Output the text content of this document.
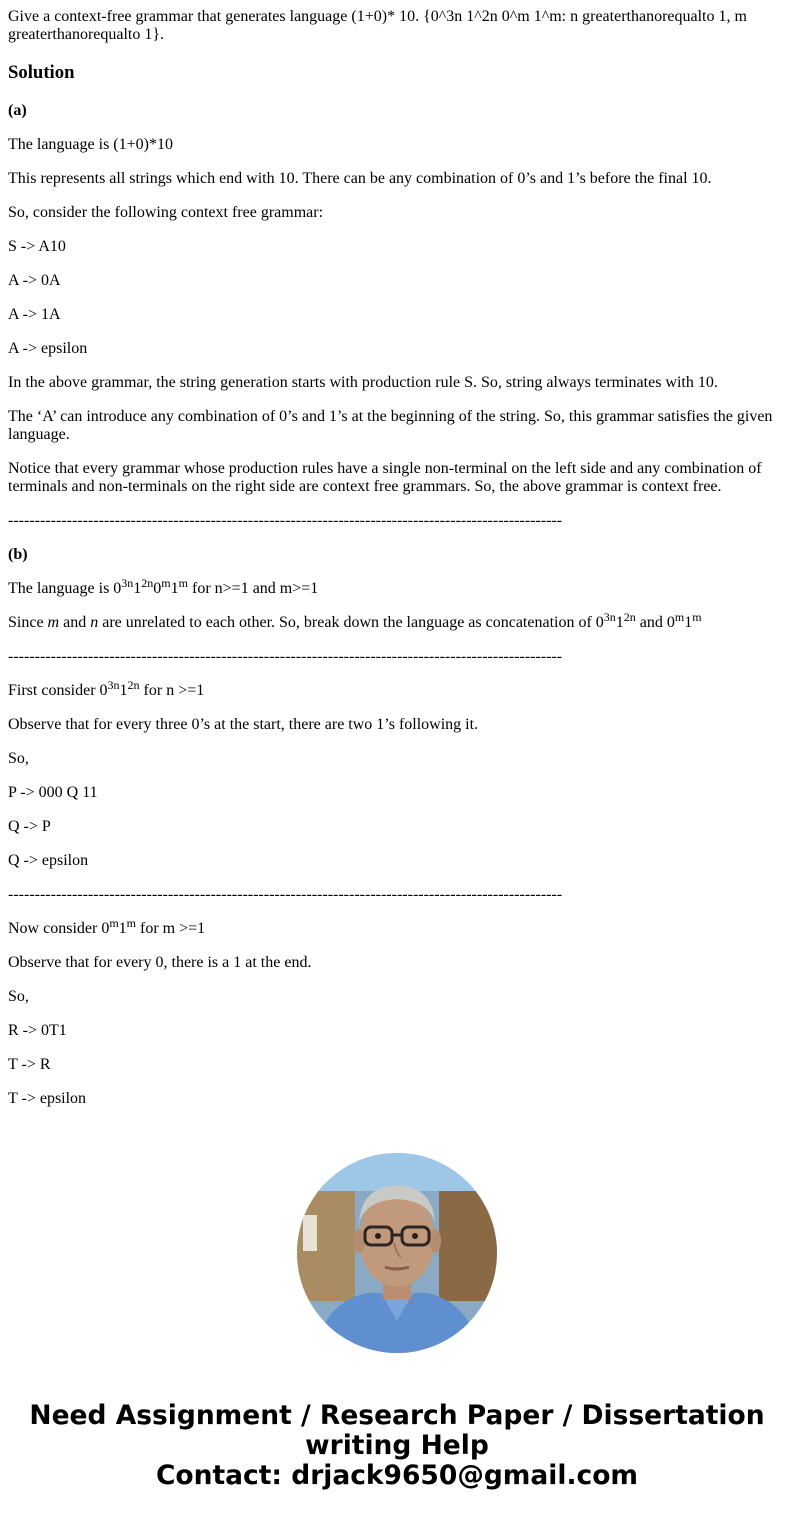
Give a context-free grammar that generates language (1+0)* 10. {0^3n 1^2n 0^m 1^m: n greaterthanorequalto 1, m greaterthanorequalto 1}.
Solution

(a)

The language is (1+0)*10

This represents all strings which end with 10. There can be any combination of 0’s and 1’s before the final 10.

So, consider the following context free grammar:

S -> A10

A -> 0A

A -> 1A

A -> epsilon

In the above grammar, the string generation starts with production rule S. So, string always terminates with 10.

The ‘A’ can introduce any combination of 0’s and 1’s at the beginning of the string. So, this grammar satisfies the given language.

Notice that every grammar whose production rules have a single non-terminal on the left side and any combination of terminals and non-terminals on the right side are context free grammars. So, the above grammar is context free.

--------------------------------------------------------------------------------------------------------

(b)

The language is $0^{3n}1^{2n}0^m1^m$ for n>=1 and m>=1

Since m and n are unrelated to each other. So, break down the language as concatenation of $0^{3n}1^{2n}$ and 0$^m$1$^m$

--------------------------------------------------------------------------------------------------------

First consider $0^{3n}1^{2n}$ for n >=1

Observe that for every three 0’s at the start, there are two 1’s following it.

So,

P -> 000 Q 11

Q -> P

Q -> epsilon

--------------------------------------------------------------------------------------------------------

Now consider 0$^m$1$^m$ for m >=1

Observe that for every 0, there is a 1 at the end.

So,

R -> 0T1

T -> R

T -> epsilon

Need Assignment / Research Paper / Dissertation
writing Help
Contact: drjack9650@gmail.com
